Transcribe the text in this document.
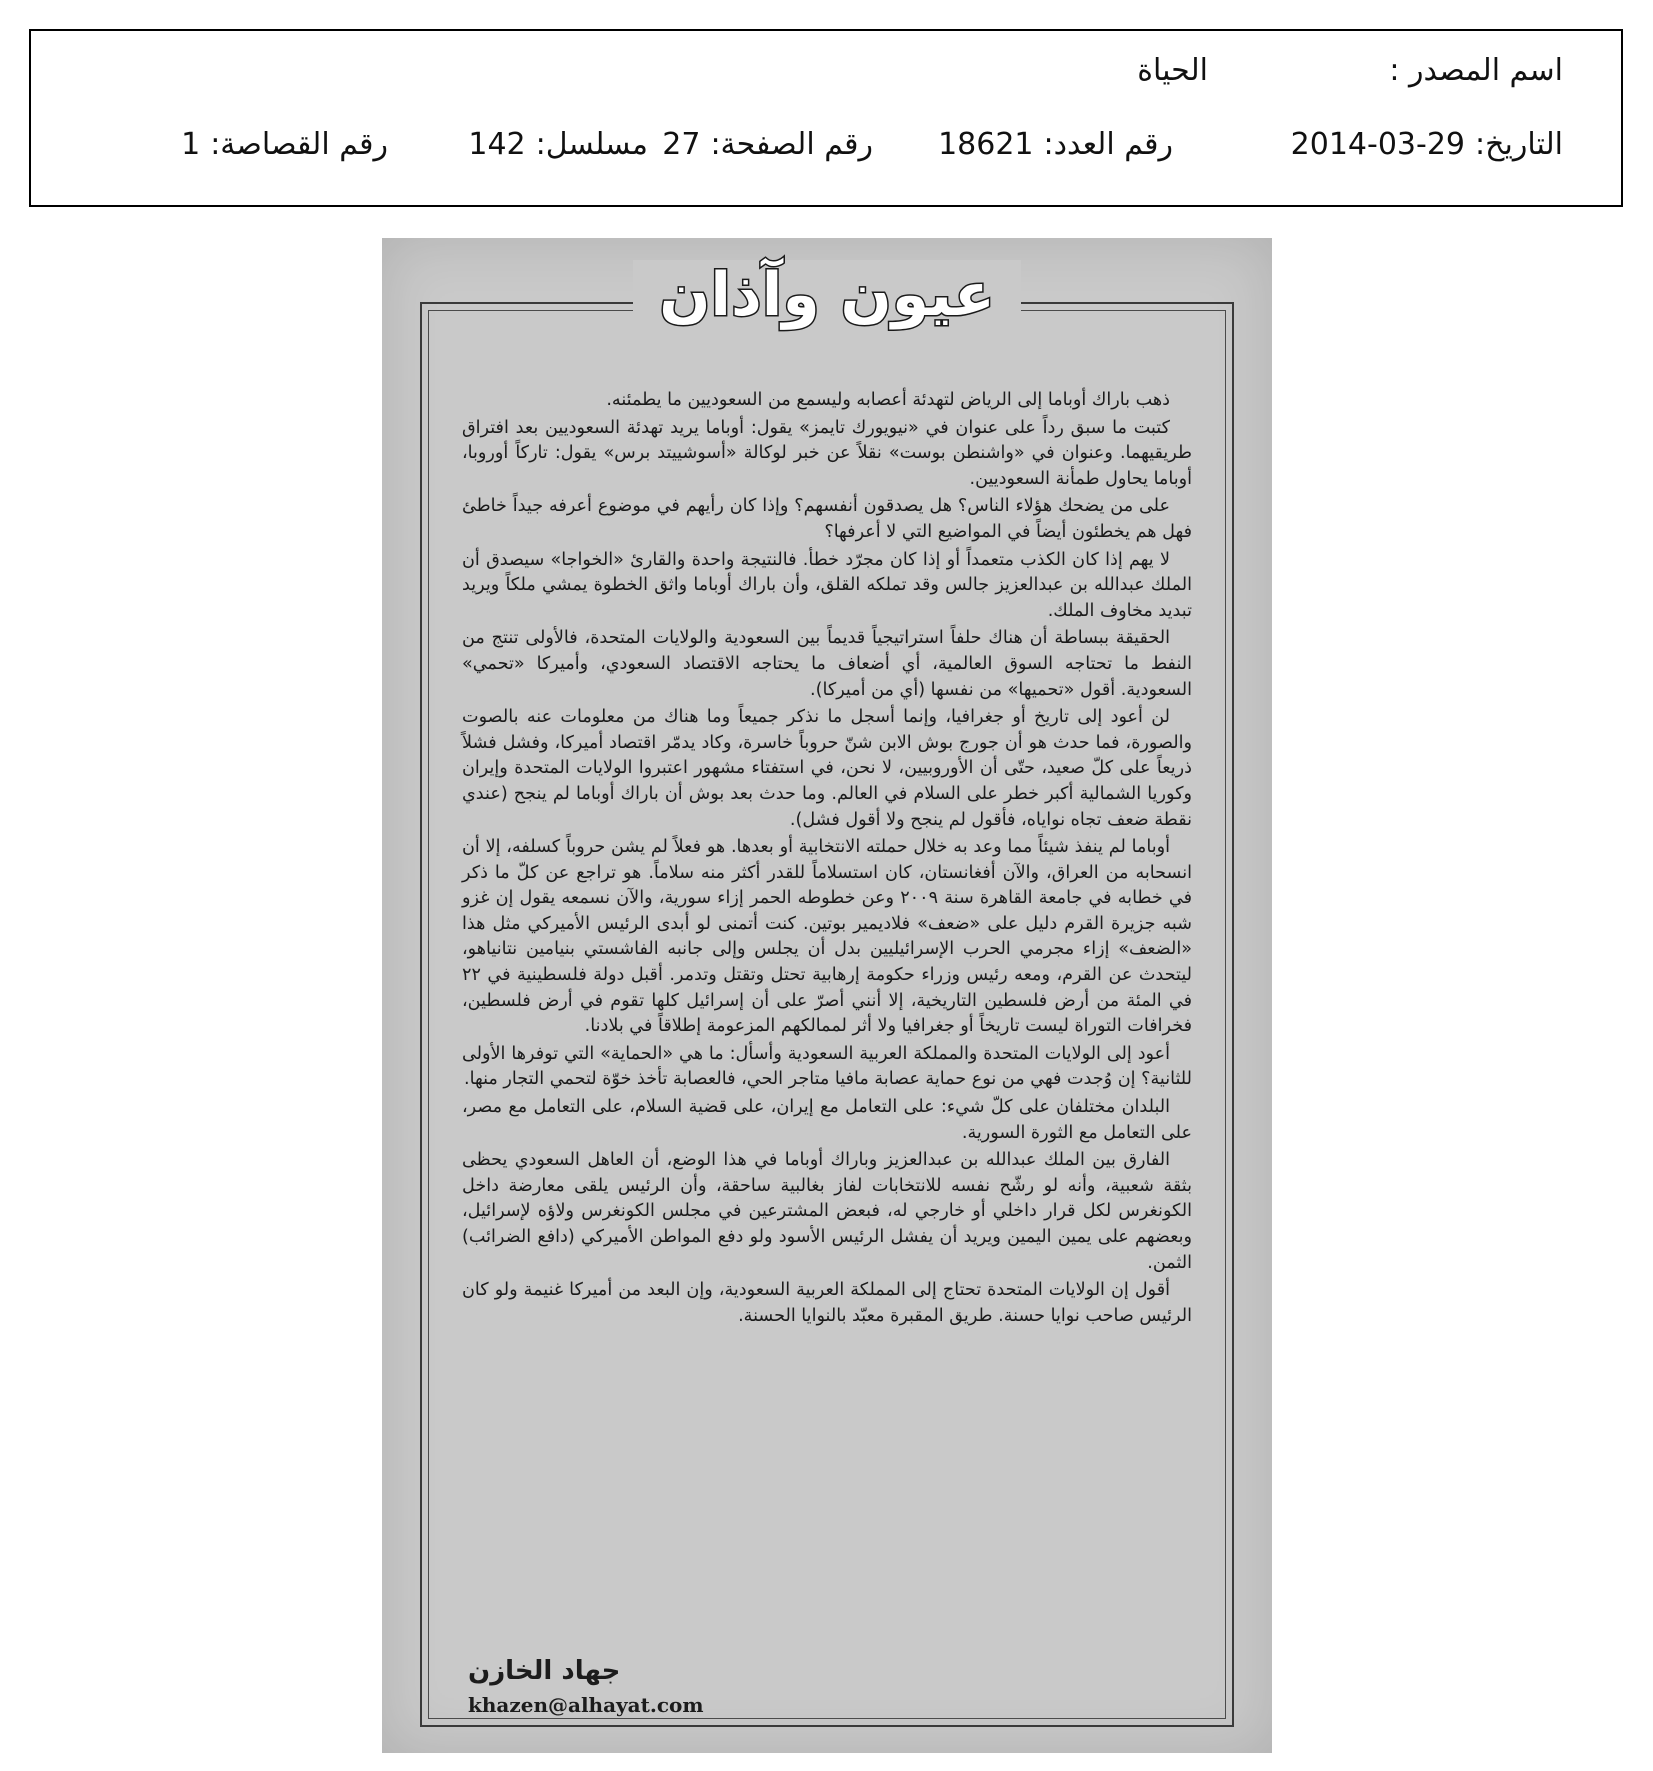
اسم المصدر :
الحياة
التاريخ:2014-03-29
رقم العدد:18621
رقم الصفحة:27
مسلسل:142
رقم القصاصة:1
عيون وآذان

ذهب باراك أوباما إلى الرياض لتهدئة أعصابه وليسمع من السعوديين ما يطمئنه.

كتبت ما سبق رداً على عنوان في «نيويورك تايمز» يقول: أوباما يريد تهدئة السعوديين بعد افتراق طريقيهما. وعنوان في «واشنطن بوست» نقلاً عن خبر لوكالة «أسوشييتد برس» يقول: تاركاً أوروبا، أوباما يحاول طمأنة السعوديين.

على من يضحك هؤلاء الناس؟ هل يصدقون أنفسهم؟ وإذا كان رأيهم في موضوع أعرفه جيداً خاطئ فهل هم يخطئون أيضاً في المواضيع التي لا أعرفها؟

لا يهم إذا كان الكذب متعمداً أو إذا كان مجرّد خطأ. فالنتيجة واحدة والقارئ «الخواجا» سيصدق أن الملك عبدالله بن عبدالعزيز جالس وقد تملكه القلق، وأن باراك أوباما واثق الخطوة يمشي ملكاً ويريد تبديد مخاوف الملك.

الحقيقة ببساطة أن هناك حلفاً استراتيجياً قديماً بين السعودية والولايات المتحدة، فالأولى تنتج من النفط ما تحتاجه السوق العالمية، أي أضعاف ما يحتاجه الاقتصاد السعودي، وأميركا «تحمي» السعودية. أقول «تحميها» من نفسها (أي من أميركا).

لن أعود إلى تاريخ أو جغرافيا، وإنما أسجل ما نذكر جميعاً وما هناك من معلومات عنه بالصوت والصورة، فما حدث هو أن جورج بوش الابن شنّ حروباً خاسرة، وكاد يدمّر اقتصاد أميركا، وفشل فشلاً ذريعاً على كلّ صعيد، حتّى أن الأوروبيين، لا نحن، في استفتاء مشهور اعتبروا الولايات المتحدة وإيران وكوريا الشمالية أكبر خطر على السلام في العالم. وما حدث بعد بوش أن باراك أوباما لم ينجح (عندي نقطة ضعف تجاه نواياه، فأقول لم ينجح ولا أقول فشل).

أوباما لم ينفذ شيئاً مما وعد به خلال حملته الانتخابية أو بعدها. هو فعلاً لم يشن حروباً كسلفه، إلا أن انسحابه من العراق، والآن أفغانستان، كان استسلاماً للقدر أكثر منه سلاماً. هو تراجع عن كلّ ما ذكر في خطابه في جامعة القاهرة سنة ٢٠٠٩ وعن خطوطه الحمر إزاء سورية، والآن نسمعه يقول إن غزو شبه جزيرة القرم دليل على «ضعف» فلاديمير بوتين. كنت أتمنى لو أبدى الرئيس الأميركي مثل هذا «الضعف» إزاء مجرمي الحرب الإسرائيليين بدل أن يجلس وإلى جانبه الفاشستي بنيامين نتانياهو، ليتحدث عن القرم، ومعه رئيس وزراء حكومة إرهابية تحتل وتقتل وتدمر. أقبل دولة فلسطينية في ٢٢ في المئة من أرض فلسطين التاريخية، إلا أنني أصرّ على أن إسرائيل كلها تقوم في أرض فلسطين، فخرافات التوراة ليست تاريخاً أو جغرافيا ولا أثر لممالكهم المزعومة إطلاقاً في بلادنا.

أعود إلى الولايات المتحدة والمملكة العربية السعودية وأسأل: ما هي «الحماية» التي توفرها الأولى للثانية؟ إن وُجدت فهي من نوع حماية عصابة مافيا متاجر الحي، فالعصابة تأخذ خوّة لتحمي التجار منها.

البلدان مختلفان على كلّ شيء: على التعامل مع إيران، على قضية السلام، على التعامل مع مصر، على التعامل مع الثورة السورية.

الفارق بين الملك عبدالله بن عبدالعزيز وباراك أوباما في هذا الوضع، أن العاهل السعودي يحظى بثقة شعبية، وأنه لو رشّح نفسه للانتخابات لفاز بغالبية ساحقة، وأن الرئيس يلقى معارضة داخل الكونغرس لكل قرار داخلي أو خارجي له، فبعض المشترعين في مجلس الكونغرس ولاؤه لإسرائيل، وبعضهم على يمين اليمين ويريد أن يفشل الرئيس الأسود ولو دفع المواطن الأميركي (دافع الضرائب) الثمن.

أقول إن الولايات المتحدة تحتاج إلى المملكة العربية السعودية، وإن البعد من أميركا غنيمة ولو كان الرئيس صاحب نوايا حسنة. طريق المقبرة معبّد بالنوايا الحسنة.

جهاد الخازن
khazen@alhayat.com
